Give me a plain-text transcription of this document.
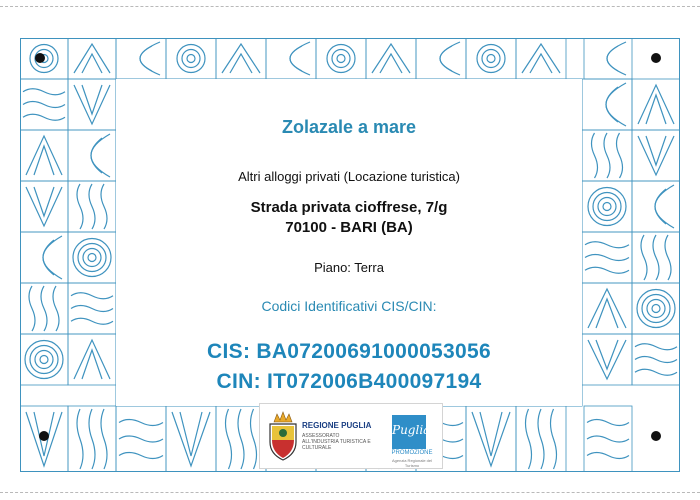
Zolazale a mare
Altri alloggi privati (Locazione turistica)
Strada privata cioffrese, 7/g
70100 - BARI (BA)
Piano: Terra
Codici Identificativi CIS/CIN:
CIS: BA07200691000053056
CIN: IT072006B400097194
REGIONE PUGLIA
ASSESSORATO ALL'INDUSTRIA TURISTICA E CULTURALE
Puglia
PROMOZIONE
Agenzia Regionale del Turismo
